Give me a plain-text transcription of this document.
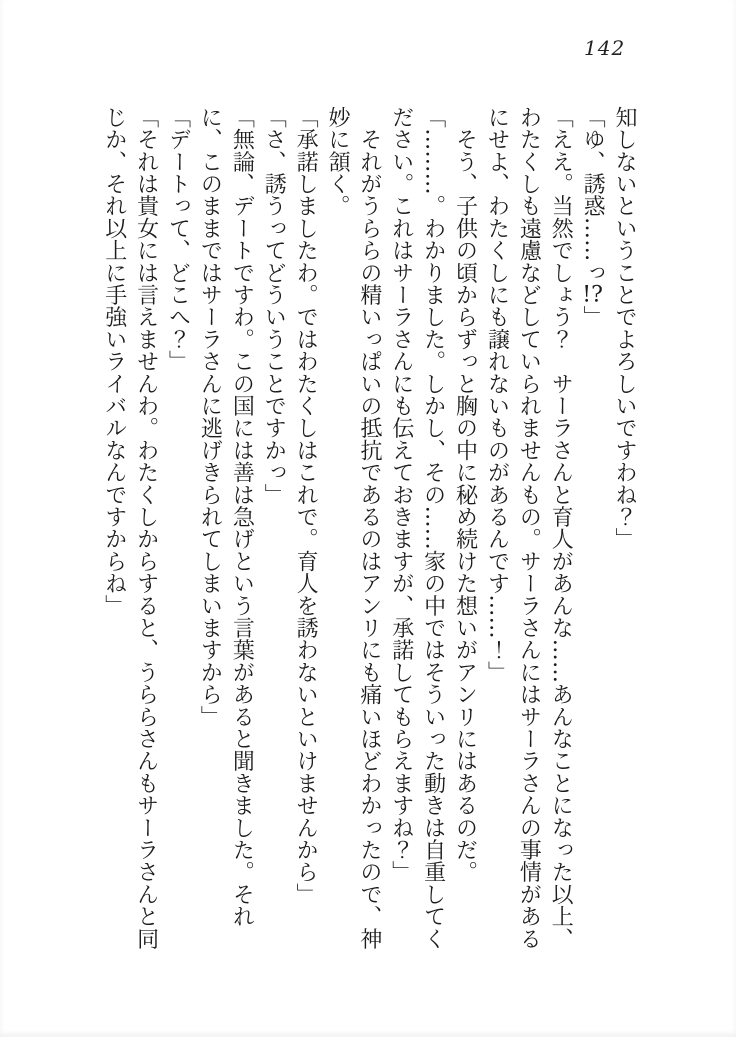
142

知しないということでよろしいですわね？」

「ゆ、誘惑……っ!?」

「ええ。当然でしょう？　サーラさんと育人があんな……あんなことになった以上、わたくしも遠慮などしていられませんもの。サーラさんにはサーラさんの事情があるにせよ、わたくしにも譲れないものがあるんです……！」

　そう、子供の頃からずっと胸の中に秘め続けた想いがアンリにはあるのだ。

「………。わかりました。しかし、その……家の中ではそういった動きは自重してください。これはサーラさんにも伝えておきますが、承諾してもらえますね？」

　それがうららの精いっぱいの抵抗であるのはアンリにも痛いほどわかったので、神妙に頷く。

「承諾しましたわ。ではわたくしはこれで。育人を誘わないといけませんから」

「さ、誘うってどういうことですかっ」

「無論、デートですわ。この国には善は急げという言葉があると聞きました。それに、このままではサーラさんに逃げきられてしまいますから」

「デートって、どこへ？」

「それは貴女には言えませんわ。わたくしからすると、うららさんもサーラさんと同じか、それ以上に手強いライバルなんですからね」
